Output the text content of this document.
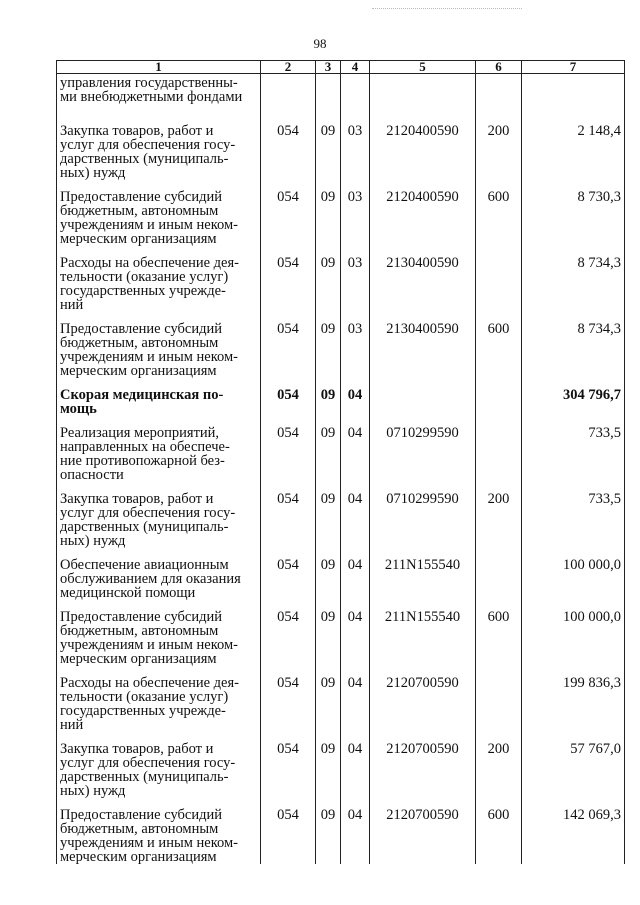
98
1	2	3	4	5	6	7

управления государственны-
ми внебюджетными фондами						

Закупка товаров, работ и
услуг для обеспечения госу-
дарственных (муниципаль-
ных) нужд	054	09	03	2120400590	200	2 148,4

Предоставление субсидий
бюджетным, автономным
учреждениям и иным неком-
мерческим организациям	054	09	03	2120400590	600	8 730,3

Расходы на обеспечение дея-
тельности (оказание услуг)
государственных учрежде-
ний	054	09	03	2130400590		8 734,3

Предоставление субсидий
бюджетным, автономным
учреждениям и иным неком-
мерческим организациям	054	09	03	2130400590	600	8 734,3

Скорая медицинская по-
мощь	054	09	04			304 796,7

Реализация мероприятий,
направленных на обеспече-
ние противопожарной без-
опасности	054	09	04	0710299590		733,5

Закупка товаров, работ и
услуг для обеспечения госу-
дарственных (муниципаль-
ных) нужд	054	09	04	0710299590	200	733,5

Обеспечение авиационным
обслуживанием для оказания
медицинской помощи	054	09	04	211N155540		100 000,0

Предоставление субсидий
бюджетным, автономным
учреждениям и иным неком-
мерческим организациям	054	09	04	211N155540	600	100 000,0

Расходы на обеспечение дея-
тельности (оказание услуг)
государственных учрежде-
ний	054	09	04	2120700590		199 836,3

Закупка товаров, работ и
услуг для обеспечения госу-
дарственных (муниципаль-
ных) нужд	054	09	04	2120700590	200	57 767,0

Предоставление субсидий
бюджетным, автономным
учреждениям и иным неком-
мерческим организациям	054	09	04	2120700590	600	142 069,3
